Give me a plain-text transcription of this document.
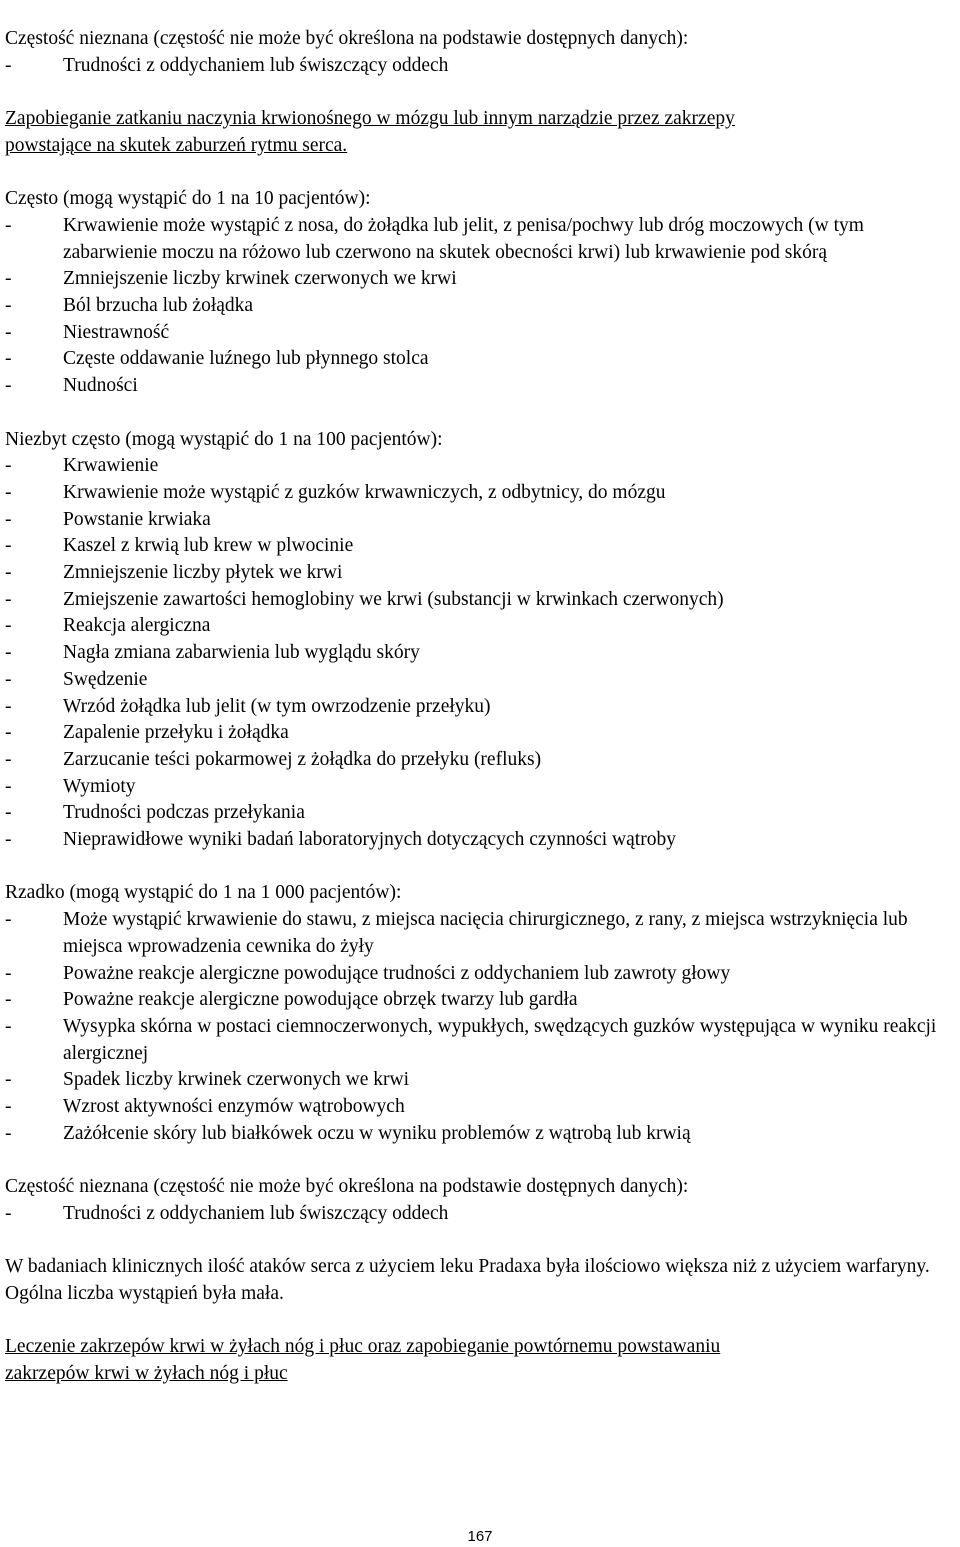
Częstość nieznana (częstość nie może być określona na podstawie dostępnych danych):
-	Trudności z oddychaniem lub świszczący oddech
Zapobieganie zatkaniu naczynia krwionośnego w mózgu lub innym narządzie przez zakrzepy
powstające na skutek zaburzeń rytmu serca.
Często (mogą wystąpić do 1 na 10 pacjentów):
-	Krwawienie może wystąpić z nosa, do żołądka lub jelit, z penisa/pochwy lub dróg moczowych (w tym zabarwienie moczu na różowo lub czerwono na skutek obecności krwi) lub krwawienie pod skórą
-	Zmniejszenie liczby krwinek czerwonych we krwi
-	Ból brzucha lub żołądka
-	Niestrawność
-	Częste oddawanie luźnego lub płynnego stolca
-	Nudności
Niezbyt często (mogą wystąpić do 1 na 100 pacjentów):
-	Krwawienie
-	Krwawienie może wystąpić z guzków krwawniczych, z odbytnicy, do mózgu
-	Powstanie krwiaka
-	Kaszel z krwią lub krew w plwocinie
-	Zmniejszenie liczby płytek we krwi
-	Zmiejszenie zawartości hemoglobiny we krwi (substancji w krwinkach czerwonych)
-	Reakcja alergiczna
-	Nagła zmiana zabarwienia lub wyglądu skóry
-	Swędzenie
-	Wrzód żołądka lub jelit (w tym owrzodzenie przełyku)
-	Zapalenie przełyku i żołądka
-	Zarzucanie teści pokarmowej z żołądka do przełyku (refluks)
-	Wymioty
-	Trudności podczas przełykania
-	Nieprawidłowe wyniki badań laboratoryjnych dotyczących czynności wątroby
Rzadko (mogą wystąpić do 1 na 1 000 pacjentów):
-	Może wystąpić krwawienie do stawu, z miejsca nacięcia chirurgicznego, z rany, z miejsca wstrzyknięcia lub miejsca wprowadzenia cewnika do żyły
-	Poważne reakcje alergiczne powodujące trudności z oddychaniem lub zawroty głowy
-	Poważne reakcje alergiczne powodujące obrzęk twarzy lub gardła
-	Wysypka skórna w postaci ciemnoczerwonych, wypukłych, swędzących guzków występująca w wyniku reakcji alergicznej
-	Spadek liczby krwinek czerwonych we krwi
-	Wzrost aktywności enzymów wątrobowych
-	Zażółcenie skóry lub białkówek oczu w wyniku problemów z wątrobą lub krwią
Częstość nieznana (częstość nie może być określona na podstawie dostępnych danych):
-	Trudności z oddychaniem lub świszczący oddech
W badaniach klinicznych ilość ataków serca z użyciem leku Pradaxa była ilościowo większa niż z użyciem warfaryny. Ogólna liczba wystąpień była mała.
Leczenie zakrzepów krwi w żyłach nóg i płuc oraz zapobieganie powtórnemu powstawaniu
zakrzepów krwi w żyłach nóg i płuc
167
